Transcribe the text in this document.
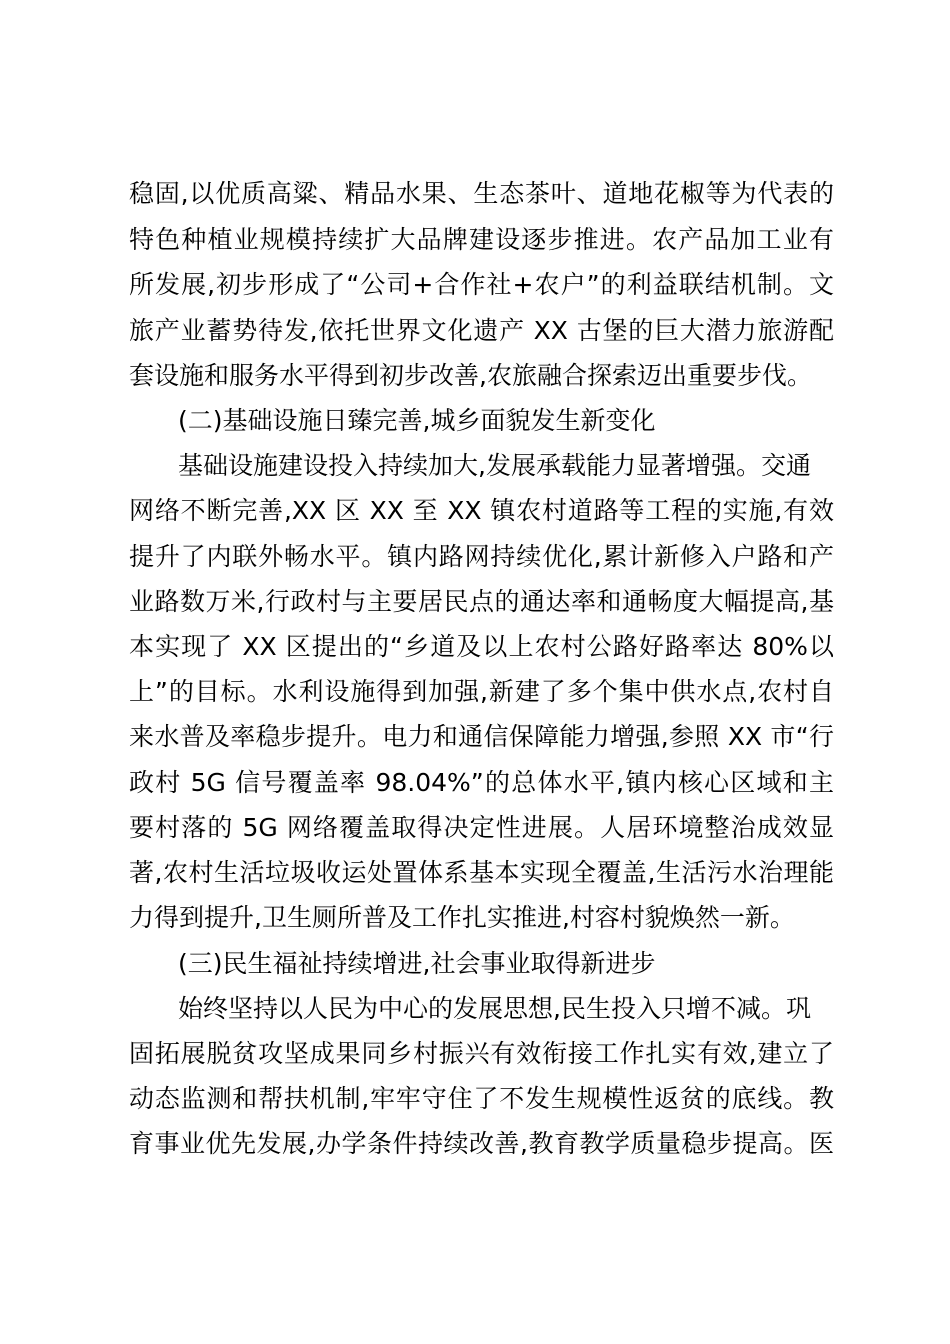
稳固,以优质高粱、精品水果、生态茶叶、道地花椒等为代表的
特色种植业规模持续扩大品牌建设逐步推进。农产品加工业有
所发展,初步形成了“公司+合作社+农户”的利益联结机制。文
旅产业蓄势待发,依托世界文化遗产 XX 古堡的巨大潜力旅游配
套设施和服务水平得到初步改善,农旅融合探索迈出重要步伐。
(二)基础设施日臻完善,城乡面貌发生新变化
基础设施建设投入持续加大,发展承载能力显著增强。交通
网络不断完善,XX 区 XX 至 XX 镇农村道路等工程的实施,有效
提升了内联外畅水平。镇内路网持续优化,累计新修入户路和产
业路数万米,行政村与主要居民点的通达率和通畅度大幅提高,基
本实现了 XX 区提出的“乡道及以上农村公路好路率达 80%以
上”的目标。水利设施得到加强,新建了多个集中供水点,农村自
来水普及率稳步提升。电力和通信保障能力增强,参照 XX 市“行
政村 5G 信号覆盖率 98.04%”的总体水平,镇内核心区域和主
要村落的 5G 网络覆盖取得决定性进展。人居环境整治成效显
著,农村生活垃圾收运处置体系基本实现全覆盖,生活污水治理能
力得到提升,卫生厕所普及工作扎实推进,村容村貌焕然一新。
(三)民生福祉持续增进,社会事业取得新进步
始终坚持以人民为中心的发展思想,民生投入只增不减。巩
固拓展脱贫攻坚成果同乡村振兴有效衔接工作扎实有效,建立了
动态监测和帮扶机制,牢牢守住了不发生规模性返贫的底线。教
育事业优先发展,办学条件持续改善,教育教学质量稳步提高。医
